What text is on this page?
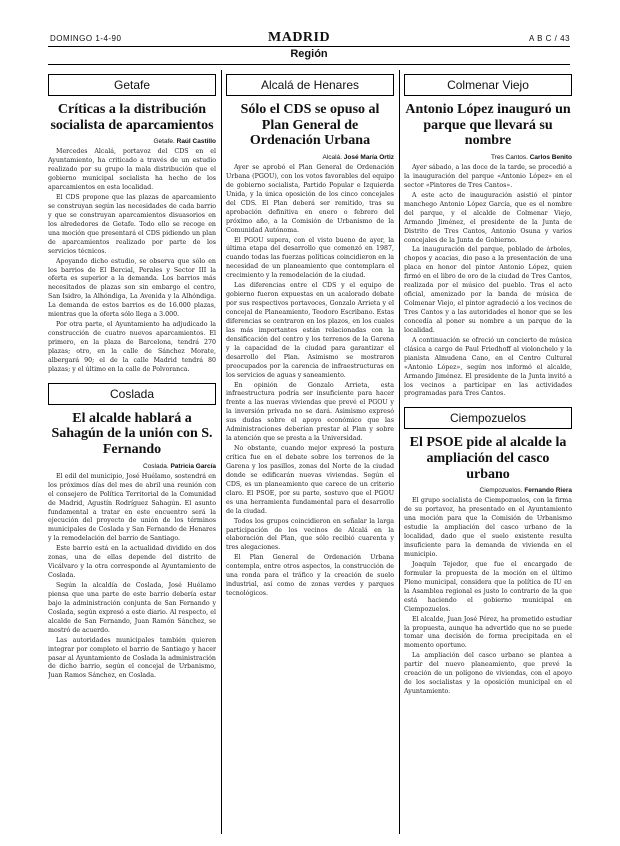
DOMINGO 1-4-90	MADRID	A B C / 43
Región
Getafe
Críticas a la distribución socialista de aparcamientos
Getafe. Raúl Castillo

Mercedes Alcalá, portavoz del CDS en el Ayuntamiento, ha criticado a través de un estudio realizado por su grupo la mala distribución que el gobierno municipal socialista ha hecho de los aparcamientos en esta localidad.

El CDS propone que las plazas de aparcamiento se construyan según las necesidades de cada barrio y que se construyan aparcamientos disuasorios en los alrededores de Getafe. Todo ello se recoge en una moción que presentará el CDS pidiendo un plan de aparcamientos realizado por parte de los servicios técnicos.

Apoyando dicho estudio, se observa que sólo en los barrios de El Bercial, Perales y Sector III la oferta es superior a la demanda. Los barrios más necesitados de plazas son sin embargo el centro, San Isidro, la Alhóndiga, La Avenida y la Alhóndiga. La demanda de estos barrios es de 16.000 plazas, mientras que la oferta sólo llega a 3.000.

Por otra parte, el Ayuntamiento ha adjudicado la construcción de cuatro nuevos aparcamientos. El primero, en la plaza de Barcelona, tendrá 270 plazas; otro, en la calle de Sánchez Morate, albergará 90; el de la calle Madrid tendrá 80 plazas; y el último en la calle de Polvoranca.

Coslada
El alcalde hablará a Sahagún de la unión con S. Fernando
Coslada. Patricia García

El edil del municipio, José Huélamo, sostendrá en los próximos días del mes de abril una reunión con el consejero de Política Territorial de la Comunidad de Madrid, Agustín Rodríguez Sahagún. El asunto fundamental a tratar en este encuentro será la ejecución del proyecto de unión de los términos municipales de Coslada y San Fernando de Henares y la remodelación del barrio de Santiago.

Este barrio está en la actualidad dividido en dos zonas, una de ellas depende del distrito de Vicálvaro y la otra corresponde al Ayuntamiento de Coslada.

Según la alcaldía de Coslada, José Huélamo piensa que una parte de este barrio debería estar bajo la administración conjunta de San Fernando y Coslada, según expresó a este diario. Al respecto, el alcalde de San Fernando, Juan Ramón Sánchez, se mostró de acuerdo.

Las autoridades municipales también quieren integrar por completo el barrio de Santiago y hacer pasar al Ayuntamiento de Coslada la administración de dicho barrio, según el concejal de Urbanismo, Juan Ramos Sánchez, en Coslada.

Alcalá de Henares
Sólo el CDS se opuso al Plan General de Ordenación Urbana
Alcalá. José María Ortiz

Ayer se aprobó el Plan General de Ordenación Urbana (PGOU), con los votos favorables del equipo de gobierno socialista, Partido Popular e Izquierda Unida, y la única oposición de los cinco concejales del CDS. El Plan deberá ser remitido, tras su aprobación definitiva en enero o febrero del próximo año, a la Comisión de Urbanismo de la Comunidad Autónoma.

El PGOU supera, con el visto bueno de ayer, la última etapa del desarrollo que comenzó en 1987, cuando todas las fuerzas políticas coincidieron en la necesidad de un planeamiento que contemplara el crecimiento y la remodelación de la ciudad.

Las diferencias entre el CDS y el equipo de gobierno fueron expuestas en un acalorado debate por sus respectivos portavoces, Gonzalo Arrieta y el concejal de Planeamiento, Teodoro Escribano. Estas diferencias se centraron en los plazos, en los cuales las más importantes están relacionadas con la densificación del centro y los terrenos de la Garena y la capacidad de la ciudad para garantizar el desarrollo del Plan. Asimismo se mostraron preocupados por la carencia de infraestructuras en los servicios de aguas y saneamiento.

En opinión de Gonzalo Arrieta, esta infraestructura podría ser insuficiente para hacer frente a las nuevas viviendas que prevé el PGOU y la inversión privada no se dará. Asimismo expresó sus dudas sobre el apoyo económico que las Administraciones deberían prestar al Plan y sobre la atención que se presta a la Universidad.

No obstante, cuando mejor expresó la postura crítica fue en el debate sobre los terrenos de la Garena y los pasillos, zonas del Norte de la ciudad donde se edificarán nuevas viviendas. Según el CDS, es un planeamiento que carece de un criterio claro. El PSOE, por su parte, sostuvo que el PGOU es una herramienta fundamental para el desarrollo de la ciudad.

Todos los grupos coincidieron en señalar la larga participación de los vecinos de Alcalá en la elaboración del Plan, que sólo recibió cuarenta y tres alegaciones.

El Plan General de Ordenación Urbana contempla, entre otros aspectos, la construcción de una ronda para el tráfico y la creación de suelo industrial, así como de zonas verdes y parques tecnológicos.

Colmenar Viejo
Antonio López inauguró un parque que llevará su nombre
Tres Cantos. Carlos Benito

Ayer sábado, a las doce de la tarde, se procedió a la inauguración del parque «Antonio López» en el sector «Pintores de Tres Cantos».

A este acto de inauguración asistió el pintor manchego Antonio López García, que es el nombre del parque, y el alcalde de Colmenar Viejo, Armando Jiménez, el presidente de la Junta de Distrito de Tres Cantos, Antonio Osuna y varios concejales de la Junta de Gobierno.

La inauguración del parque, poblado de árboles, chopos y acacias, dio paso a la presentación de una placa en honor del pintor Antonio López, quien firmó en el libro de oro de la ciudad de Tres Cantos, realizada por el músico del pueblo. Tras el acto oficial, amenizado por la banda de música de Colmenar Viejo, el pintor agradeció a los vecinos de Tres Cantos y a las autoridades el honor que se les concedía al poner su nombre a un parque de la localidad.

A continuación se ofreció un concierto de música clásica a cargo de Paul Friedhoff al violonchelo y la pianista Almudena Cano, en el Centro Cultural «Antonio López», según nos informó el alcalde, Armando Jiménez. El presidente de la Junta invitó a los vecinos a participar en las actividades programadas para Tres Cantos.

Ciempozuelos
El PSOE pide al alcalde la ampliación del casco urbano
Ciempozuelos. Fernando Riera

El grupo socialista de Ciempozuelos, con la firma de su portavoz, ha presentado en el Ayuntamiento una moción para que la Comisión de Urbanismo estudie la ampliación del casco urbano de la localidad, dado que el suelo existente resulta insuficiente para la demanda de vivienda en el municipio.

Joaquín Tejedor, que fue el encargado de formular la propuesta de la moción en el último Pleno municipal, considera que la política de IU en la Asamblea regional es justo lo contrario de la que está haciendo el gobierno municipal en Ciempozuelos.

El alcalde, Juan José Pérez, ha prometido estudiar la propuesta, aunque ha advertido que no se puede tomar una decisión de forma precipitada en el momento oportuno.

La ampliación del casco urbano se plantea a partir del nuevo planeamiento, que prevé la creación de un polígono de viviendas, con el apoyo de los socialistas y la oposición municipal en el Ayuntamiento.
